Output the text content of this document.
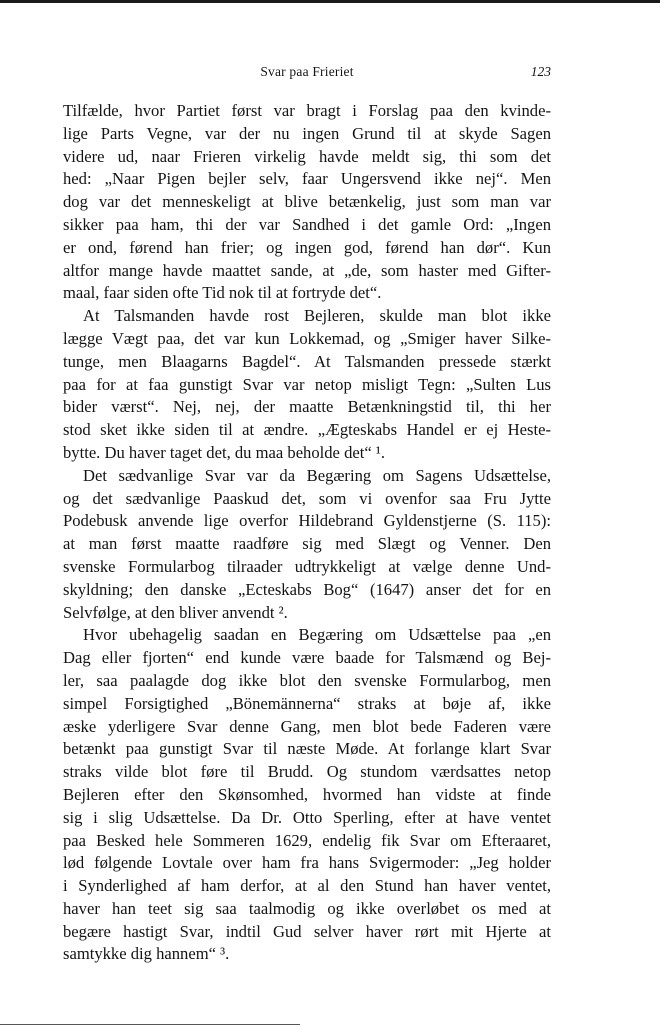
Svar paa Frieriet	123

Tilfælde, hvor Partiet først var bragt i Forslag paa den kvinde-
lige Parts Vegne, var der nu ingen Grund til at skyde Sagen
videre ud, naar Frieren virkelig havde meldt sig, thi som det
hed: „Naar Pigen bejler selv, faar Ungersvend ikke nej“. Men
dog var det menneskeligt at blive betænkelig, just som man var
sikker paa ham, thi der var Sandhed i det gamle Ord: „Ingen
er ond, førend han frier; og ingen god, førend han dør“. Kun
altfor mange havde maattet sande, at „de, som haster med Gifter-
maal, faar siden ofte Tid nok til at fortryde det“.

At Talsmanden havde rost Bejleren, skulde man blot ikke
lægge Vægt paa, det var kun Lokkemad, og „Smiger haver Silke-
tunge, men Blaagarns Bagdel“. At Talsmanden pressede stærkt
paa for at faa gunstigt Svar var netop misligt Tegn: „Sulten Lus
bider værst“. Nej, nej, der maatte Betænkningstid til, thi her
stod sket ikke siden til at ændre. „Ægteskabs Handel er ej Heste-
bytte. Du haver taget det, du maa beholde det“ ¹.

Det sædvanlige Svar var da Begæring om Sagens Udsættelse,
og det sædvanlige Paaskud det, som vi ovenfor saa Fru Jytte
Podebusk anvende lige overfor Hildebrand Gyldenstjerne (S. 115):
at man først maatte raadføre sig med Slægt og Venner. Den
svenske Formularbog tilraader udtrykkeligt at vælge denne Und-
skyldning; den danske „Ecteskabs Bog“ (1647) anser det for en
Selvfølge, at den bliver anvendt ².

Hvor ubehagelig saadan en Begæring om Udsættelse paa „en
Dag eller fjorten“ end kunde være baade for Talsmænd og Bej-
ler, saa paalagde dog ikke blot den svenske Formularbog, men
simpel Forsigtighed „Bönemännerna“ straks at bøje af, ikke
æske yderligere Svar denne Gang, men blot bede Faderen være
betænkt paa gunstigt Svar til næste Møde. At forlange klart Svar
straks vilde blot føre til Brudd. Og stundom værdsattes netop
Bejleren efter den Skønsomhed, hvormed han vidste at finde
sig i slig Udsættelse. Da Dr. Otto Sperling, efter at have ventet
paa Besked hele Sommeren 1629, endelig fik Svar om Efteraaret,
lød følgende Lovtale over ham fra hans Svigermoder: „Jeg holder
i Synderlighed af ham derfor, at al den Stund han haver ventet,
haver han teet sig saa taalmodig og ikke overløbet os med at
begære hastigt Svar, indtil Gud selver haver rørt mit Hjerte at
samtykke dig hannem“ ³.
